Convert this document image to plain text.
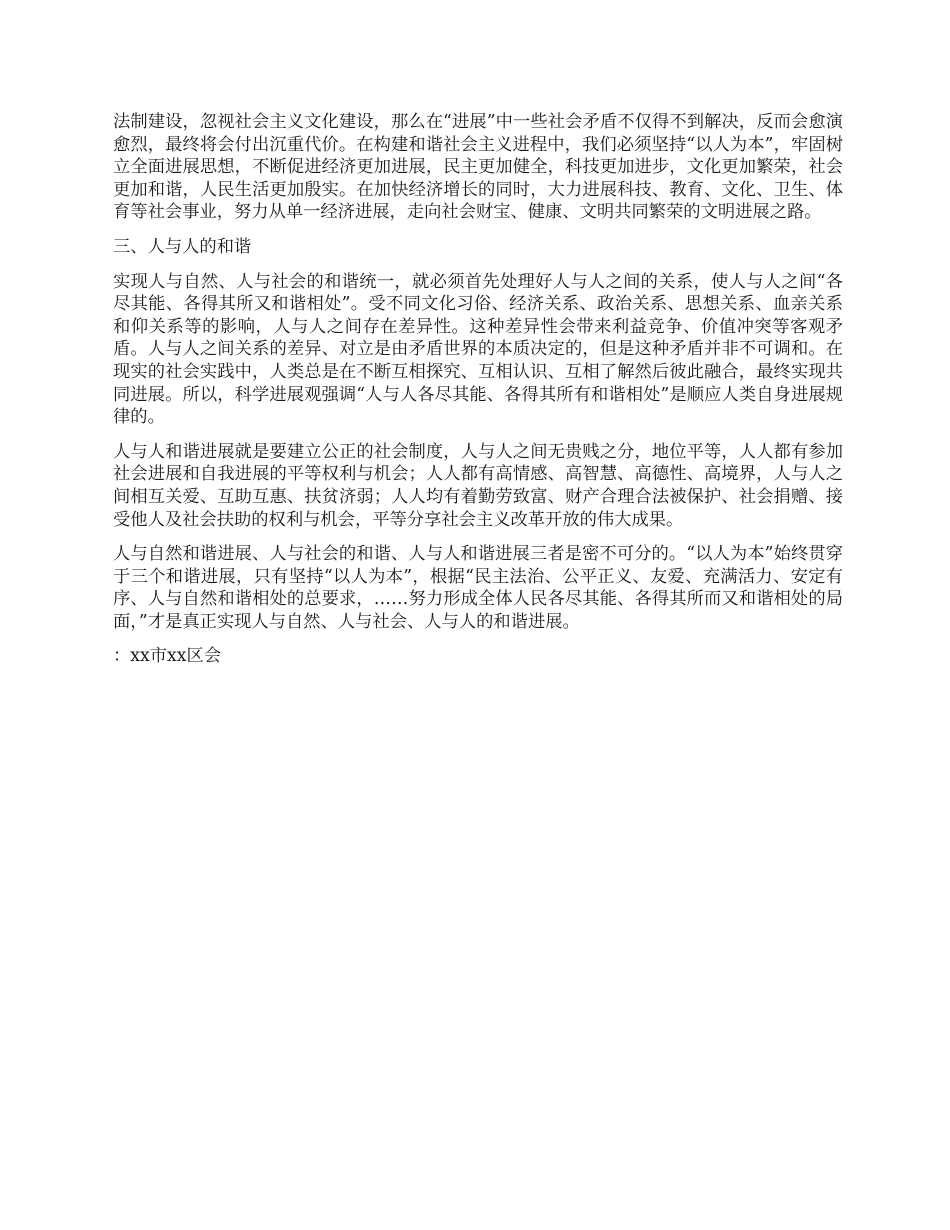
法制建设，忽视社会主义文化建设，那么在“进展”中一些社会矛盾不仅得不到解决，反而会愈演愈烈，最终将会付出沉重代价。在构建和谐社会主义进程中，我们必须坚持“以人为本”，牢固树立全面进展思想，不断促进经济更加进展，民主更加健全，科技更加进步，文化更加繁荣，社会更加和谐，人民生活更加殷实。在加快经济增长的同时，大力进展科技、教育、文化、卫生、体育等社会事业，努力从单一经济进展，走向社会财宝、健康、文明共同繁荣的文明进展之路。

三、人与人的和谐

实现人与自然、人与社会的和谐统一，就必须首先处理好人与人之间的关系，使人与人之间“各尽其能、各得其所又和谐相处”。受不同文化习俗、经济关系、政治关系、思想关系、血亲关系和仰关系等的影响，人与人之间存在差异性。这种差异性会带来利益竞争、价值冲突等客观矛盾。人与人之间关系的差异、对立是由矛盾世界的本质决定的，但是这种矛盾并非不可调和。在现实的社会实践中，人类总是在不断互相探究、互相认识、互相了解然后彼此融合，最终实现共同进展。所以，科学进展观强调“人与人各尽其能、各得其所有和谐相处”是顺应人类自身进展规律的。

人与人和谐进展就是要建立公正的社会制度，人与人之间无贵贱之分，地位平等，人人都有参加社会进展和自我进展的平等权利与机会；人人都有高情感、高智慧、高德性、高境界，人与人之间相互关爱、互助互惠、扶贫济弱；人人均有着勤劳致富、财产合理合法被保护、社会捐赠、接受他人及社会扶助的权利与机会，平等分享社会主义改革开放的伟大成果。

人与自然和谐进展、人与社会的和谐、人与人和谐进展三者是密不可分的。“以人为本”始终贯穿于三个和谐进展，只有坚持“以人为本”，根据“民主法治、公平正义、友爱、充满活力、安定有序、人与自然和谐相处的总要求，……努力形成全体人民各尽其能、各得其所而又和谐相处的局面，”才是真正实现人与自然、人与社会、人与人的和谐进展。

：xx市xx区会
